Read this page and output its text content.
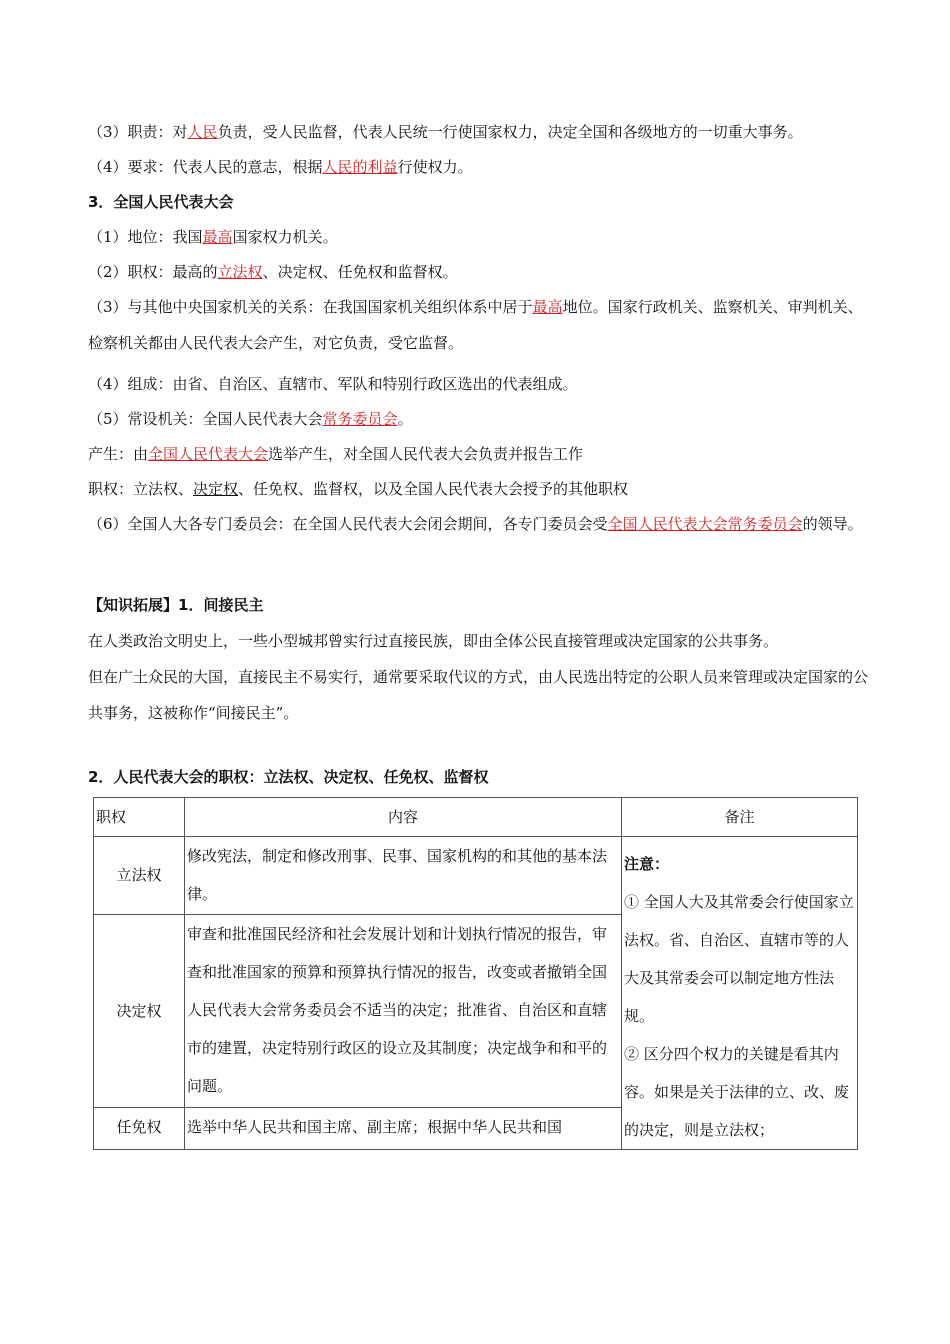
（3）职责：对人民负责，受人民监督，代表人民统一行使国家权力，决定全国和各级地方的一切重大事务。

（4）要求：代表人民的意志，根据人民的利益行使权力。

3．全国人民代表大会

（1）地位：我国最高国家权力机关。

（2）职权：最高的立法权、决定权、任免权和监督权。

（3）与其他中央国家机关的关系：在我国国家机关组织体系中居于最高地位。国家行政机关、监察机关、审判机关、检察机关都由人民代表大会产生，对它负责，受它监督。

（4）组成：由省、自治区、直辖市、军队和特别行政区选出的代表组成。

（5）常设机关：全国人民代表大会常务委员会。

产生：由全国人民代表大会选举产生，对全国人民代表大会负责并报告工作

职权：立法权、决定权、任免权、监督权，以及全国人民代表大会授予的其他职权

（6）全国人大各专门委员会：在全国人民代表大会闭会期间，各专门委员会受全国人民代表大会常务委员会的领导。

【知识拓展】1．间接民主

在人类政治文明史上，一些小型城邦曾实行过直接民族，即由全体公民直接管理或决定国家的公共事务。

但在广土众民的大国，直接民主不易实行，通常要采取代议的方式，由人民选出特定的公职人员来管理或决定国家的公共事务，这被称作“间接民主”。

2．人民代表大会的职权：立法权、决定权、任免权、监督权

职权	内容	备注
立法权	修改宪法，制定和修改刑事、民事、国家机构的和其他的基本法律。	注意：
① 全国人大及其常委会行使国家立法权。省、自治区、直辖市等的人大及其常委会可以制定地方性法规。
② 区分四个权力的关键是看其内容。如果是关于法律的立、改、废的决定，则是立法权；

决定权	审查和批准国民经济和社会发展计划和计划执行情况的报告，审查和批准国家的预算和预算执行情况的报告，改变或者撤销全国人民代表大会常务委员会不适当的决定；批准省、自治区和直辖市的建置，决定特别行政区的设立及其制度；决定战争和和平的问题。	
任免权	选举中华人民共和国主席、副主席；根据中华人民共和国	
